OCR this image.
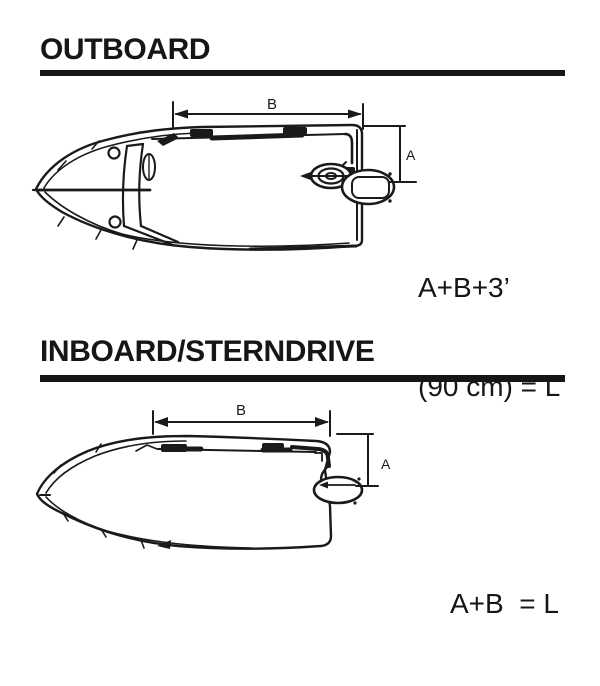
B
A
B
A
OUTBOARD
INBOARD/STERNDRIVE

A+B+3’

(90 cm) = L

A+B  = L
